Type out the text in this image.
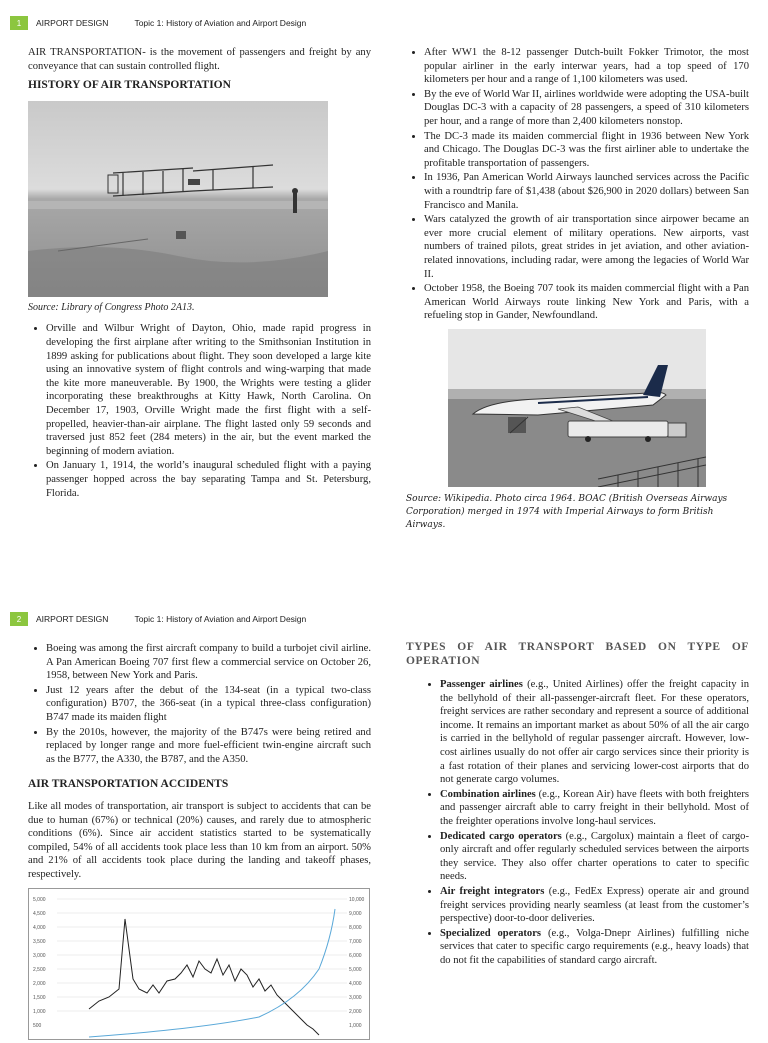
1	AIRPORT DESIGN	Topic 1: History of Aviation and Airport Design

AIR TRANSPORTATION- is the movement of passengers and freight by any conveyance that can sustain controlled flight.

HISTORY OF AIR TRANSPORTATION

Source: Library of Congress Photo 2A13.

• Orville and Wilbur Wright of Dayton, Ohio, made rapid progress in developing the first airplane after writing to the Smithsonian Institution in 1899 asking for publications about flight. They soon developed a large kite using an innovative system of flight controls and wing-warping that made the kite more maneuverable. By 1900, the Wrights were testing a glider incorporating these breakthroughs at Kitty Hawk, North Carolina. On December 17, 1903, Orville Wright made the first flight with a self-propelled, heavier-than-air airplane. The flight lasted only 59 seconds and traversed just 852 feet (284 meters) in the air, but the event marked the beginning of modern aviation.
• On January 1, 1914, the world’s inaugural scheduled flight with a paying passenger hopped across the bay separating Tampa and St. Petersburg, Florida.
• After WW1 the 8-12 passenger Dutch-built Fokker Trimotor, the most popular airliner in the early interwar years, had a top speed of 170 kilometers per hour and a range of 1,100 kilometers was used.
• By the eve of World War II, airlines worldwide were adopting the USA-built Douglas DC-3 with a capacity of 28 passengers, a speed of 310 kilometers per hour, and a range of more than 2,400 kilometers nonstop.
• The DC-3 made its maiden commercial flight in 1936 between New York and Chicago. The Douglas DC-3 was the first airliner able to undertake the profitable transportation of passengers.
• In 1936, Pan American World Airways launched services across the Pacific with a roundtrip fare of $1,438 (about $26,900 in 2020 dollars) between San Francisco and Manila.
• Wars catalyzed the growth of air transportation since airpower became an ever more crucial element of military operations. New airports, vast numbers of trained pilots, great strides in jet aviation, and other aviation-related innovations, including radar, were among the legacies of World War II.
• October 1958, the Boeing 707 took its maiden commercial flight with a Pan American World Airways route linking New York and Paris, with a refueling stop in Gander, Newfoundland.

Source: Wikipedia. Photo circa 1964. BOAC (British Overseas Airways Corporation) merged in 1974 with Imperial Airways to form British Airways.

2	AIRPORT DESIGN	Topic 1: History of Aviation and Airport Design
• Boeing was among the first aircraft company to build a turbojet civil airline. A Pan American Boeing 707 first flew a commercial service on October 26, 1958, between New York and Paris.
• Just 12 years after the debut of the 134-seat (in a typical two-class configuration) B707, the 366-seat (in a typical three-class configuration) B747 made its maiden flight
• By the 2010s, however, the majority of the B747s were being retired and replaced by longer range and more fuel-efficient twin-engine aircraft such as the B777, the A330, the B787, and the A350.
AIR TRANSPORTATION ACCIDENTS

Like all modes of transportation, air transport is subject to accidents that can be due to human (67%) or technical (20%) causes, and rarely due to atmospheric conditions (6%). Since air accident statistics started to be systematically compiled, 54% of all accidents took place less than 10 km from an airport. 50% and 21% of all accidents took place during the landing and takeoff phases, respectively.

5,000
4,500
4,000
3,500
3,000
2,500
2,000
1,500
1,000
500
10,000
9,000
8,000
7,000
6,000
5,000
4,000
3,000
2,000
1,000
TYPES OF AIR TRANSPORT BASED ON TYPE OF OPERATION
• Passenger airlines (e.g., United Airlines) offer the freight capacity in the bellyhold of their all-passenger-aircraft fleet. For these operators, freight services are rather secondary and represent a source of additional income. It remains an important market as about 50% of all the air cargo is carried in the bellyhold of regular passenger aircraft. However, low-cost airlines usually do not offer air cargo services since their priority is a fast rotation of their planes and servicing lower-cost airports that do not generate cargo volumes.
• Combination airlines (e.g., Korean Air) have fleets with both freighters and passenger aircraft able to carry freight in their bellyhold. Most of the freighter operations involve long-haul services.
• Dedicated cargo operators (e.g., Cargolux) maintain a fleet of cargo-only aircraft and offer regularly scheduled services between the airports they service. They also offer charter operations to cater to specific needs.
• Air freight integrators (e.g., FedEx Express) operate air and ground freight services providing nearly seamless (at least from the customer’s perspective) door-to-door deliveries.
• Specialized operators (e.g., Volga-Dnepr Airlines) fulfilling niche services that cater to specific cargo requirements (e.g., heavy loads) that do not fit the capabilities of standard cargo aircraft.
